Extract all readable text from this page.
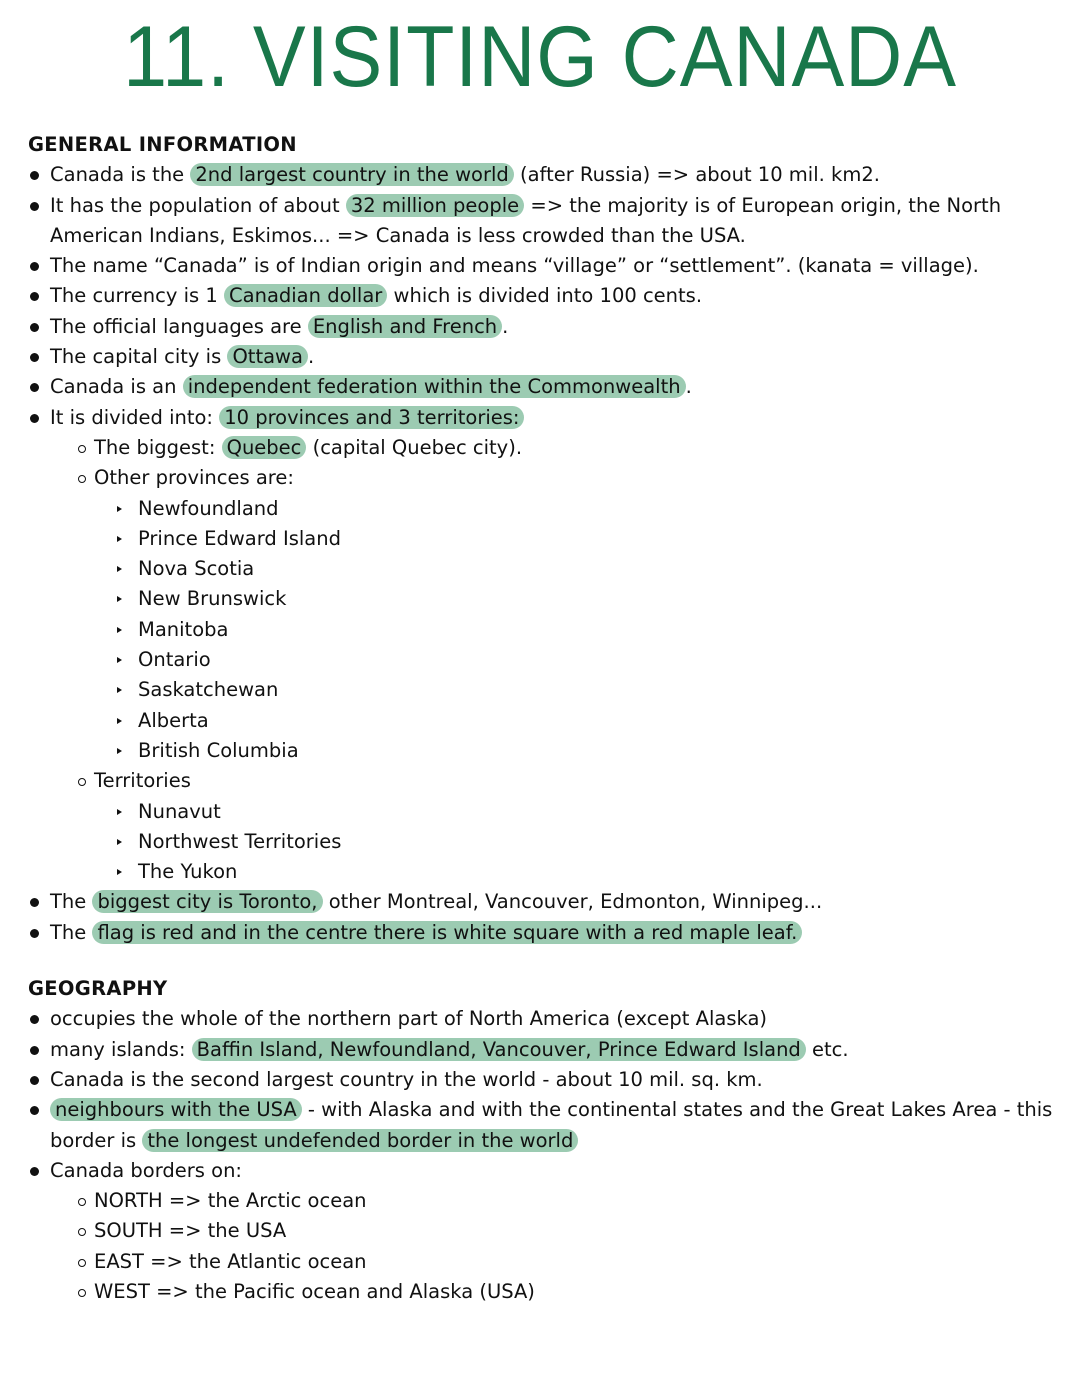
11. VISITING CANADA
GENERAL INFORMATION
Canada is the 2nd largest country in the world (after Russia) => about 10 mil. km2.
It has the population of about 32 million people => the majority is of European origin, the North American Indians, Eskimos... => Canada is less crowded than the USA.
The name “Canada” is of Indian origin and means “village” or “settlement”. (kanata = village).
The currency is 1 Canadian dollar which is divided into 100 cents.
The official languages are English and French .
The capital city is Ottawa .
Canada is an independent federation within the Commonwealth .
It is divided into: 10 provinces and 3 territories:
The biggest: Quebec (capital Quebec city).
Other provinces are:
Newfoundland
Prince Edward Island
Nova Scotia
New Brunswick
Manitoba
Ontario
Saskatchewan
Alberta
British Columbia
Territories
Nunavut
Northwest Territories
The Yukon
The biggest city is Toronto, other Montreal, Vancouver, Edmonton, Winnipeg...
The flag is red and in the centre there is white square with a red maple leaf.
GEOGRAPHY
occupies the whole of the northern part of North America (except Alaska)
many islands: Baffin Island, Newfoundland, Vancouver, Prince Edward Island etc.
Canada is the second largest country in the world - about 10 mil. sq. km.
neighbours with the USA - with Alaska and with the continental states and the Great Lakes Area - this border is the longest undefended border in the world
Canada borders on:
NORTH => the Arctic ocean
SOUTH => the USA
EAST => the Atlantic ocean
WEST => the Pacific ocean and Alaska (USA)
